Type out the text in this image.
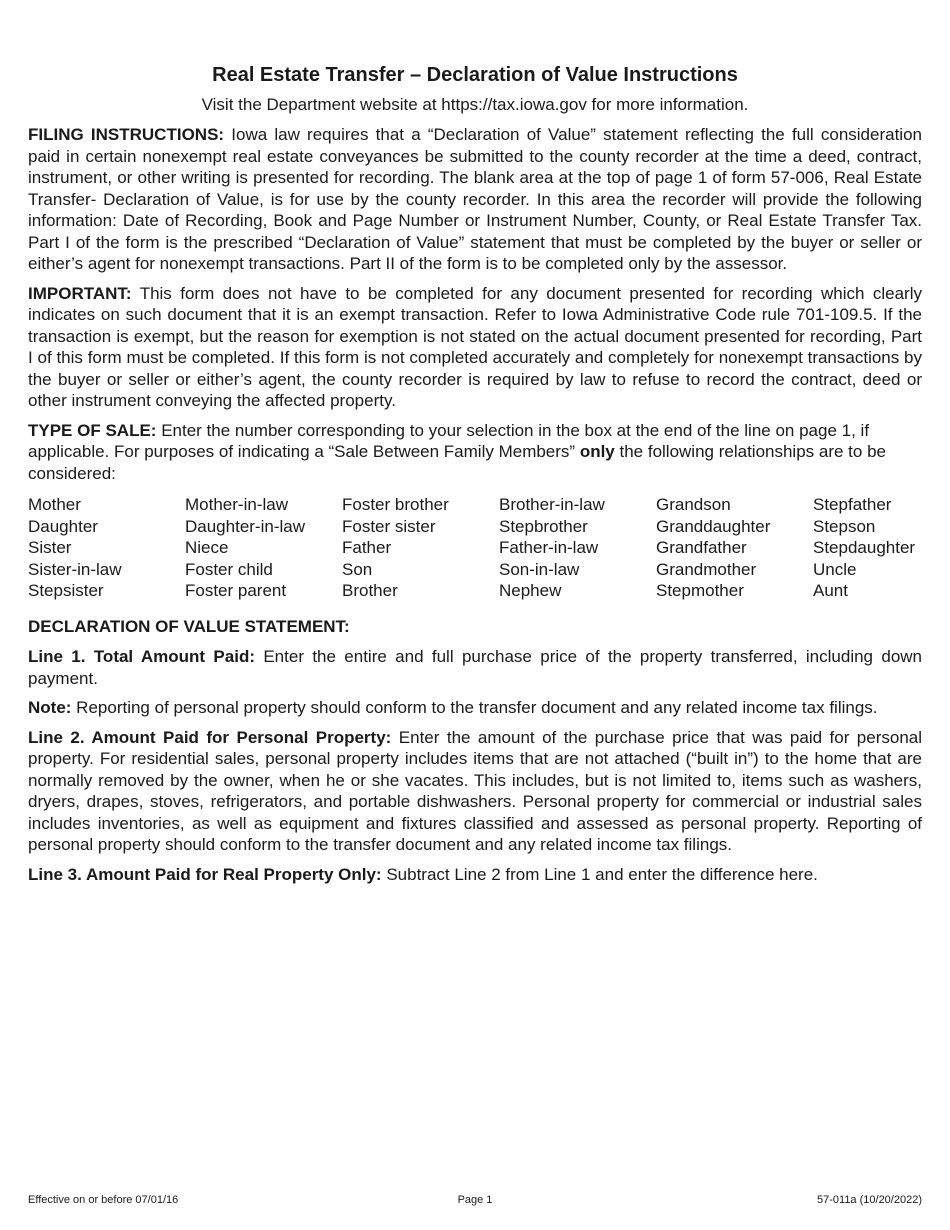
Real Estate Transfer – Declaration of Value Instructions
Visit the Department website at https://tax.iowa.gov for more information.

FILING INSTRUCTIONS: Iowa law requires that a “Declaration of Value” statement reflecting the full consideration paid in certain nonexempt real estate conveyances be submitted to the county recorder at the time a deed, contract, instrument, or other writing is presented for recording. The blank area at the top of page 1 of form 57-006, Real Estate Transfer- Declaration of Value, is for use by the county recorder. In this area the recorder will provide the following information: Date of Recording, Book and Page Number or Instrument Number, County, or Real Estate Transfer Tax. Part I of the form is the prescribed “Declaration of Value” statement that must be completed by the buyer or seller or either’s agent for nonexempt transactions. Part II of the form is to be completed only by the assessor.

IMPORTANT: This form does not have to be completed for any document presented for recording which clearly indicates on such document that it is an exempt transaction. Refer to Iowa Administrative Code rule 701-109.5. If the transaction is exempt, but the reason for exemption is not stated on the actual document presented for recording, Part I of this form must be completed. If this form is not completed accurately and completely for nonexempt transactions by the buyer or seller or either’s agent, the county recorder is required by law to refuse to record the contract, deed or other instrument conveying the affected property.

TYPE OF SALE: Enter the number corresponding to your selection in the box at the end of the line on page 1, if applicable. For purposes of indicating a “Sale Between Family Members” only the following relationships are to be considered:

Mother	Mother-in-law	Foster brother	Brother-in-law	Grandson	Stepfather
Daughter	Daughter-in-law	Foster sister	Stepbrother	Granddaughter	Stepson
Sister	Niece	Father	Father-in-law	Grandfather	Stepdaughter
Sister-in-law	Foster child	Son	Son-in-law	Grandmother	Uncle
Stepsister	Foster parent	Brother	Nephew	Stepmother	Aunt
DECLARATION OF VALUE STATEMENT:

Line 1. Total Amount Paid: Enter the entire and full purchase price of the property transferred, including down payment.

Note: Reporting of personal property should conform to the transfer document and any related income tax filings.

Line 2. Amount Paid for Personal Property: Enter the amount of the purchase price that was paid for personal property. For residential sales, personal property includes items that are not attached (“built in”) to the home that are normally removed by the owner, when he or she vacates. This includes, but is not limited to, items such as washers, dryers, drapes, stoves, refrigerators, and portable dishwashers. Personal property for commercial or industrial sales includes inventories, as well as equipment and fixtures classified and assessed as personal property. Reporting of personal property should conform to the transfer document and any related income tax filings.

Line 3. Amount Paid for Real Property Only: Subtract Line 2 from Line 1 and enter the difference here.

Effective on or before 07/01/16	Page 1	57-011a (10/20/2022)
